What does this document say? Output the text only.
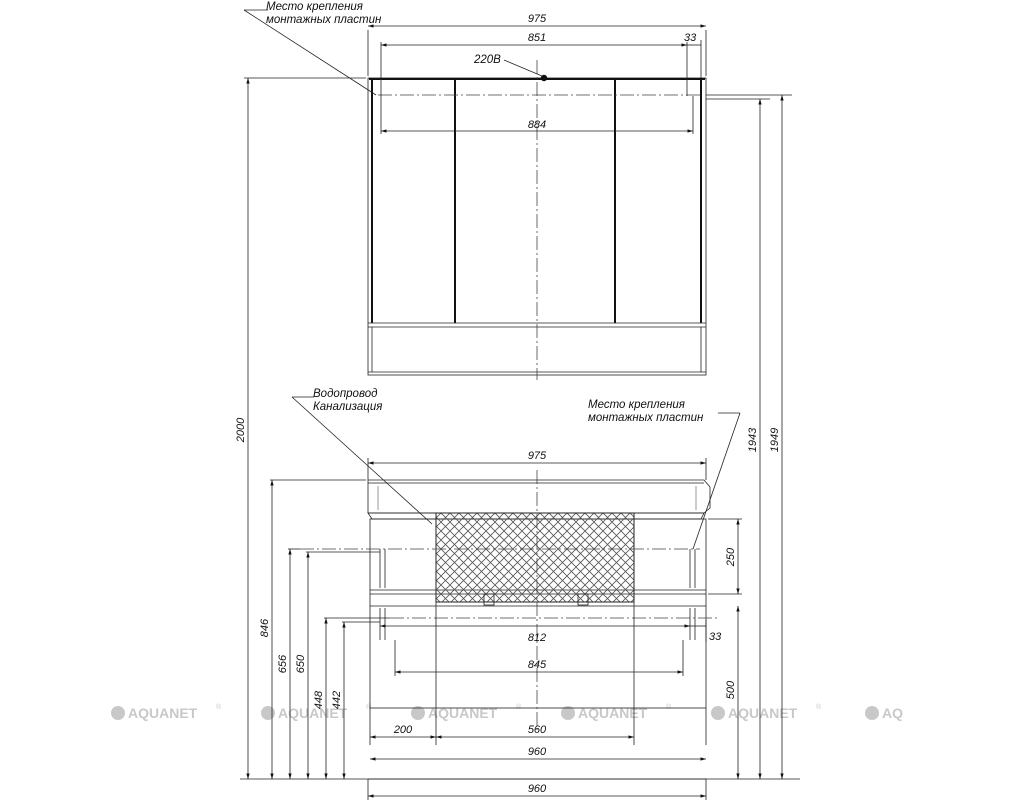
AQUANET	®	AQUANET	®	AQUANET	®	AQUANET	®	AQUANET	®	AQ
975
851	33
884
Место крепления
монтажных пластин
220В
Водопровод
Канализация	Место крепления
монтажных пластин
975
812	33
845
200	560
960
960
2000
846
656 650
448 442
250
500
1943 1949
